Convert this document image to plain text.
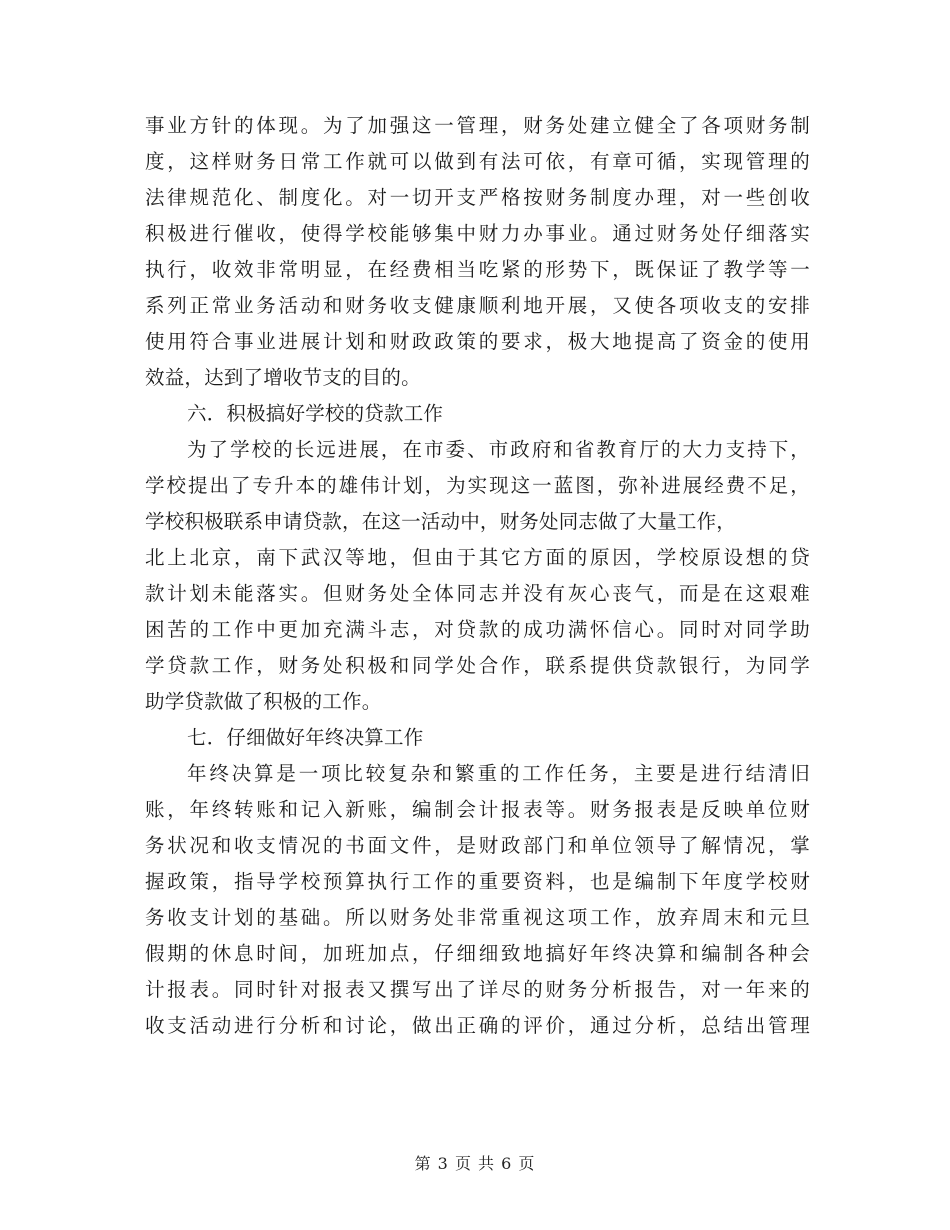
事业方针的体现。为了加强这一管理，财务处建立健全了各项财务制
度，这样财务日常工作就可以做到有法可依，有章可循，实现管理的
法律规范化、制度化。对一切开支严格按财务制度办理，对一些创收
积极进行催收，使得学校能够集中财力办事业。通过财务处仔细落实
执行，收效非常明显，在经费相当吃紧的形势下，既保证了教学等一
系列正常业务活动和财务收支健康顺利地开展，又使各项收支的安排
使用符合事业进展计划和财政政策的要求，极大地提高了资金的使用
效益，达到了增收节支的目的。
六．积极搞好学校的贷款工作
为了学校的长远进展，在市委、市政府和省教育厅的大力支持下，
学校提出了专升本的雄伟计划，为实现这一蓝图，弥补进展经费不足，
学校积极联系申请贷款，在这一活动中，财务处同志做了大量工作，
北上北京，南下武汉等地，但由于其它方面的原因，学校原设想的贷
款计划未能落实。但财务处全体同志并没有灰心丧气，而是在这艰难
困苦的工作中更加充满斗志，对贷款的成功满怀信心。同时对同学助
学贷款工作，财务处积极和同学处合作，联系提供贷款银行，为同学
助学贷款做了积极的工作。
七．仔细做好年终决算工作
年终决算是一项比较复杂和繁重的工作任务，主要是进行结清旧
账，年终转账和记入新账，编制会计报表等。财务报表是反映单位财
务状况和收支情况的书面文件，是财政部门和单位领导了解情况，掌
握政策，指导学校预算执行工作的重要资料，也是编制下年度学校财
务收支计划的基础。所以财务处非常重视这项工作，放弃周末和元旦
假期的休息时间，加班加点，仔细细致地搞好年终决算和编制各种会
计报表。同时针对报表又撰写出了详尽的财务分析报告，对一年来的
收支活动进行分析和讨论，做出正确的评价，通过分析，总结出管理
第 3 页 共 6 页
